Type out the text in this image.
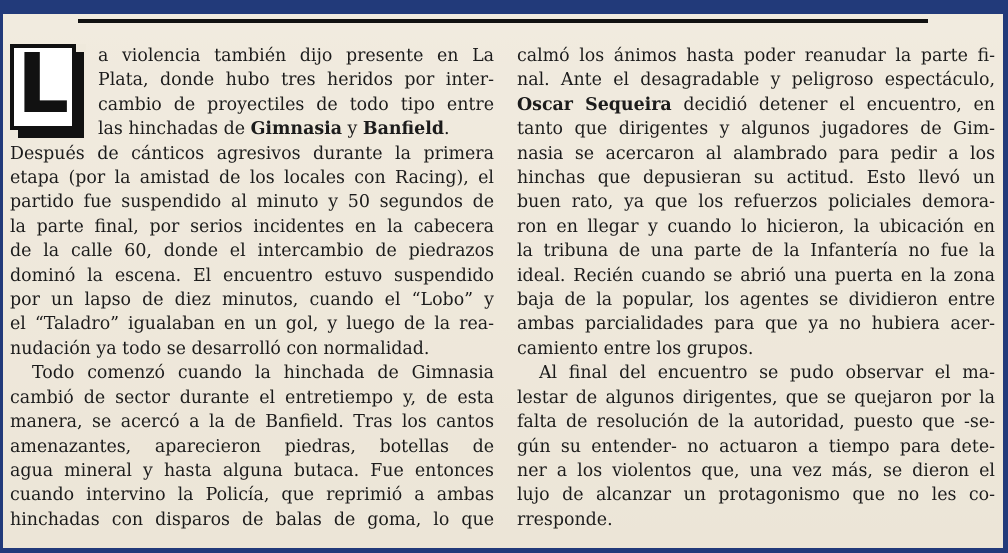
L a violencia también dijo presente en La
Plata, donde hubo tres heridos por inter-
cambio de proyectiles de todo tipo entre
las hinchadas de Gimnasia y Banfield.
Después de cánticos agresivos durante la primera
etapa (por la amistad de los locales con Racing), el
partido fue suspendido al minuto y 50 segundos de
la parte final, por serios incidentes en la cabecera
de la calle 60, donde el intercambio de piedrazos
dominó la escena. El encuentro estuvo suspendido
por un lapso de diez minutos, cuando el “Lobo” y
el “Taladro” igualaban en un gol, y luego de la rea-
nudación ya todo se desarrolló con normalidad.
Todo comenzó cuando la hinchada de Gimnasia
cambió de sector durante el entretiempo y, de esta
manera, se acercó a la de Banfield. Tras los cantos
amenazantes, aparecieron piedras, botellas de
agua mineral y hasta alguna butaca. Fue entonces
cuando intervino la Policía, que reprimió a ambas
hinchadas con disparos de balas de goma, lo que
calmó los ánimos hasta poder reanudar la parte fi-
nal. Ante el desagradable y peligroso espectáculo,
Oscar Sequeira decidió detener el encuentro, en
tanto que dirigentes y algunos jugadores de Gim-
nasia se acercaron al alambrado para pedir a los
hinchas que depusieran su actitud. Esto llevó un
buen rato, ya que los refuerzos policiales demora-
ron en llegar y cuando lo hicieron, la ubicación en
la tribuna de una parte de la Infantería no fue la
ideal. Recién cuando se abrió una puerta en la zona
baja de la popular, los agentes se dividieron entre
ambas parcialidades para que ya no hubiera acer-
camiento entre los grupos.
Al final del encuentro se pudo observar el ma-
lestar de algunos dirigentes, que se quejaron por la
falta de resolución de la autoridad, puesto que -se-
gún su entender- no actuaron a tiempo para dete-
ner a los violentos que, una vez más, se dieron el
lujo de alcanzar un protagonismo que no les co-
rresponde.
